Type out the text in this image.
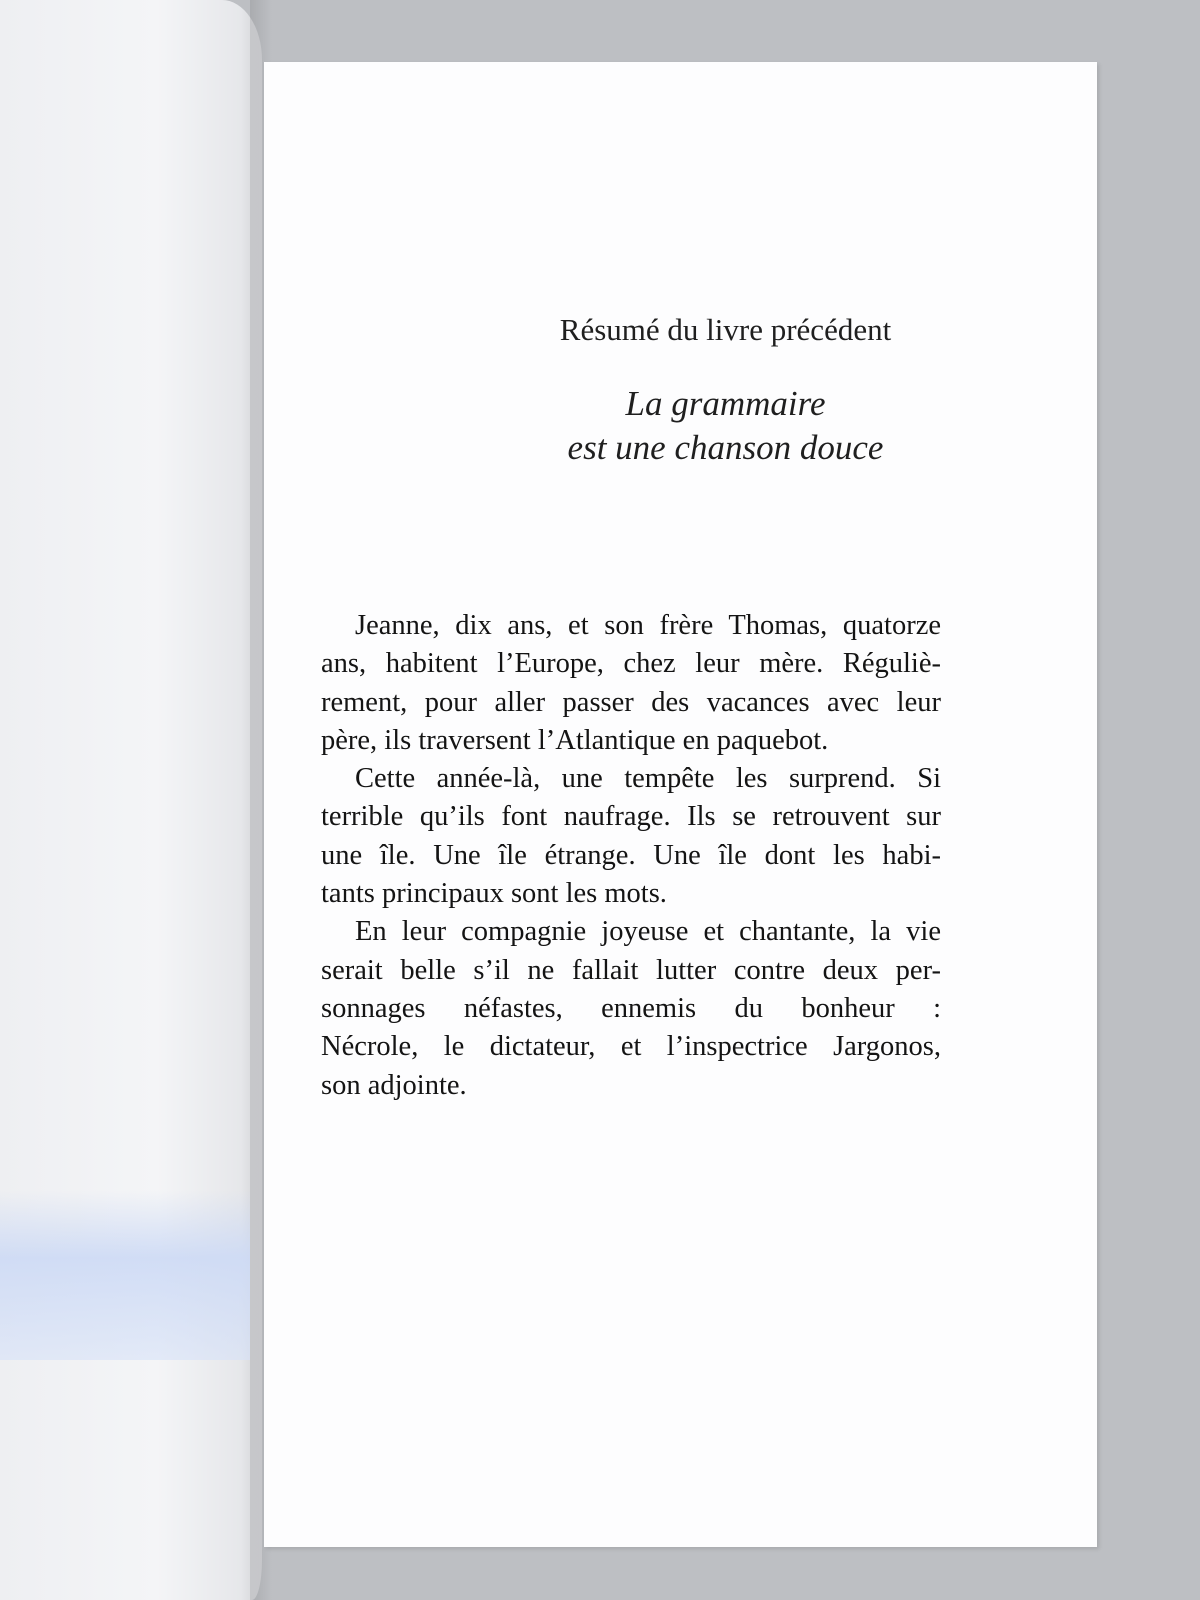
Résumé du livre précédent
La grammaire
est une chanson douce
Jeanne, dix ans, et son frère Thomas, quatorze
ans, habitent l’Europe, chez leur mère. Réguliè-
rement, pour aller passer des vacances avec leur
père, ils traversent l’Atlantique en paquebot.
Cette année-là, une tempête les surprend. Si
terrible qu’ils font naufrage. Ils se retrouvent sur
une île. Une île étrange. Une île dont les habi-
tants principaux sont les mots.
En leur compagnie joyeuse et chantante, la vie
serait belle s’il ne fallait lutter contre deux per-
sonnages néfastes, ennemis du bonheur :
Nécrole, le dictateur, et l’inspectrice Jargonos,
son adjointe.
